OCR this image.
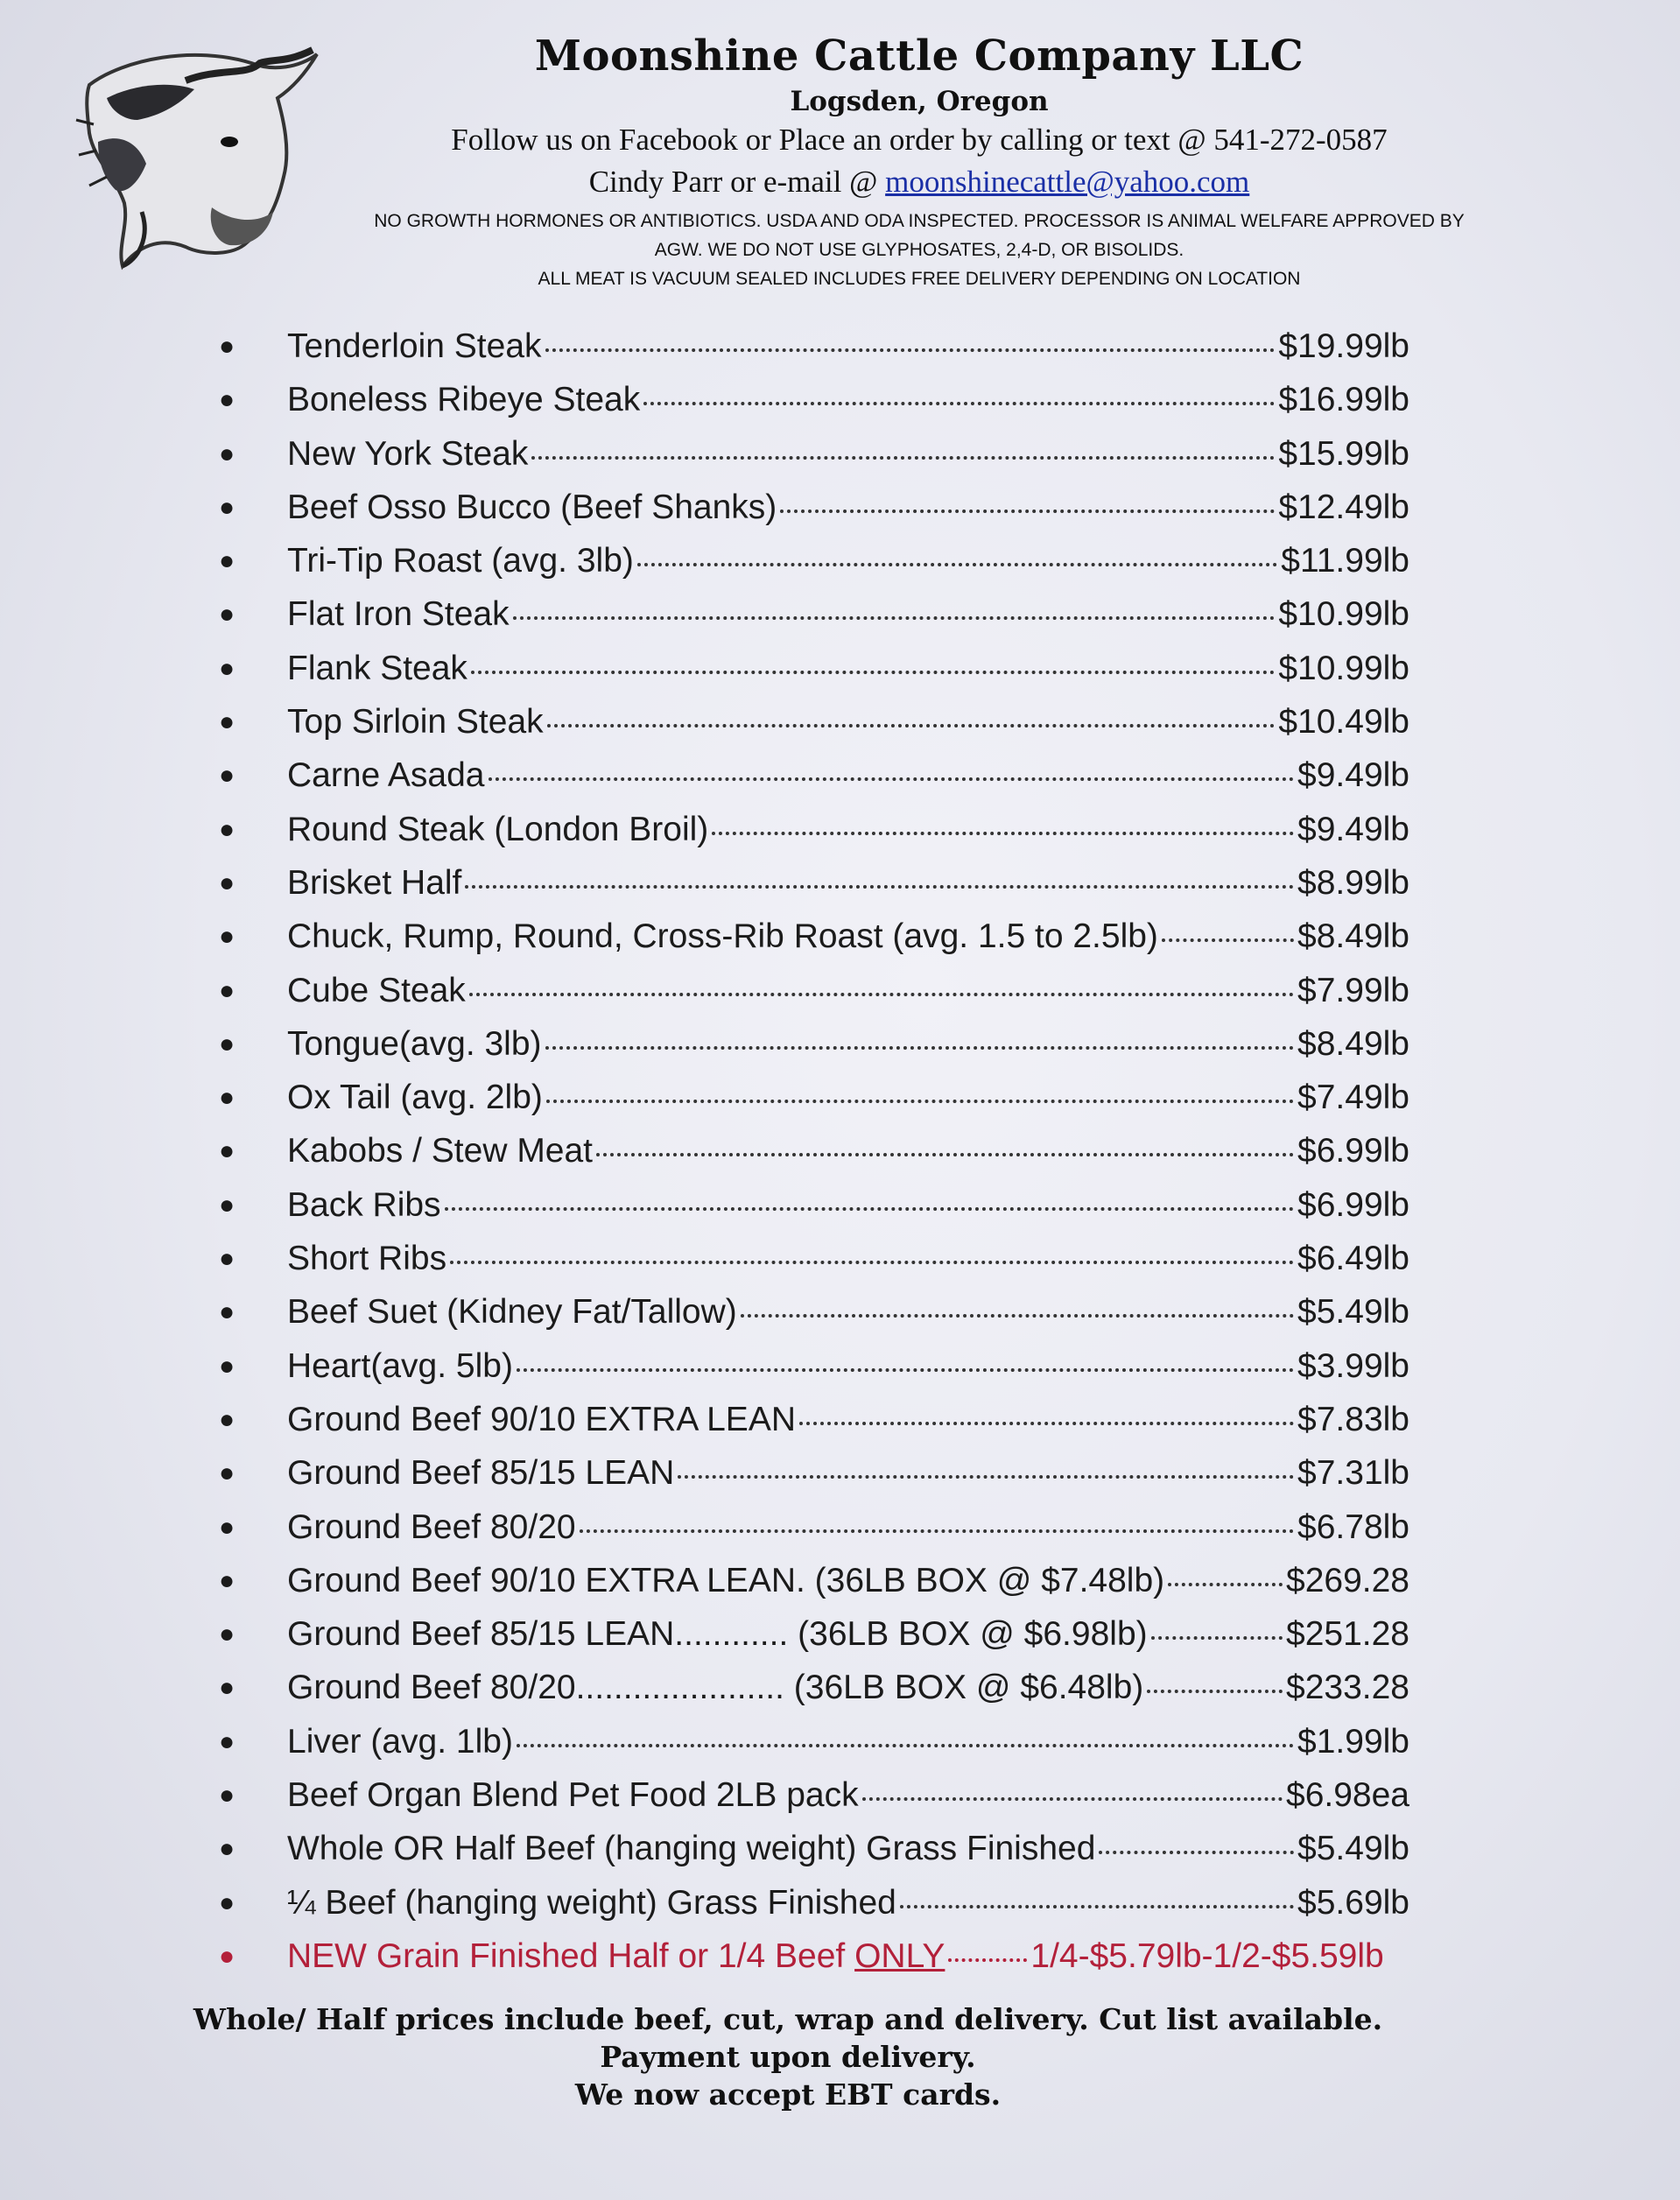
Moonshine Cattle Company LLC
Logsden, Oregon
Follow us on Facebook or Place an order by calling or text @ 541-272-0587
Cindy Parr or e-mail @ moonshinecattle@yahoo.com
NO GROWTH HORMONES OR ANTIBIOTICS. USDA AND ODA INSPECTED. PROCESSOR IS ANIMAL WELFARE APPROVED BY
AGW. WE DO NOT USE GLYPHOSATES, 2,4-D, OR BISOLIDS.
ALL MEAT IS VACUUM SEALED INCLUDES FREE DELIVERY DEPENDING ON LOCATION
●	Tenderloin Steak	$19.99lb
●	Boneless Ribeye Steak	$16.99lb
●	New York Steak	$15.99lb
●	Beef Osso Bucco (Beef Shanks)	$12.49lb
●	Tri-Tip Roast (avg. 3lb)	$11.99lb
●	Flat Iron Steak	$10.99lb
●	Flank Steak	$10.99lb
●	Top Sirloin Steak	$10.49lb
●	Carne Asada	$9.49lb
●	Round Steak (London Broil)	$9.49lb
●	Brisket Half	$8.99lb
●	Chuck, Rump, Round, Cross-Rib Roast (avg. 1.5 to 2.5lb)	$8.49lb
●	Cube Steak	$7.99lb
●	Tongue(avg. 3lb)	$8.49lb
●	Ox Tail (avg. 2lb)	$7.49lb
●	Kabobs / Stew Meat	$6.99lb
●	Back Ribs	$6.99lb
●	Short Ribs	$6.49lb
●	Beef Suet (Kidney Fat/Tallow)	$5.49lb
●	Heart(avg. 5lb)	$3.99lb
●	Ground Beef 90/10 EXTRA LEAN	$7.83lb
●	Ground Beef 85/15 LEAN	$7.31lb
●	Ground Beef 80/20	$6.78lb
●	Ground Beef 90/10 EXTRA LEAN. (36LB BOX @ $7.48lb)	$269.28
●	Ground Beef 85/15 LEAN............ (36LB BOX @ $6.98lb)	$251.28
●	Ground Beef 80/20...................... (36LB BOX @ $6.48lb)	$233.28
●	Liver (avg. 1lb)	$1.99lb
●	Beef Organ Blend Pet Food 2LB pack	$6.98ea
●	Whole OR Half Beef (hanging weight) Grass Finished	$5.49lb
●	¼ Beef (hanging weight) Grass Finished	$5.69lb
●	NEW Grain Finished Half or 1/4 Beef ONLY	1/4-$5.79lb-1/2-$5.59lb
Whole/ Half prices include beef, cut, wrap and delivery. Cut list available.
Payment upon delivery.
We now accept EBT cards.
